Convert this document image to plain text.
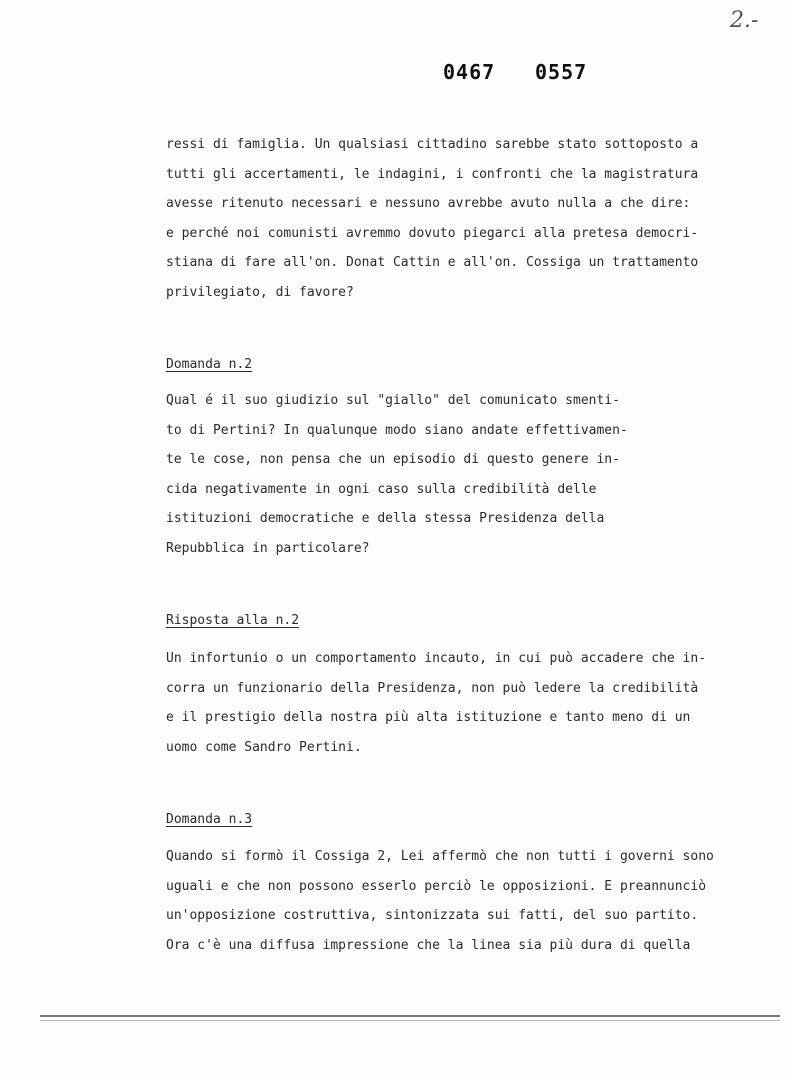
2.-
0467 0557
ressi di famiglia. Un qualsiasi cittadino sarebbe stato sottoposto a
tutti gli accertamenti, le indagini, i confronti che la magistratura
avesse ritenuto necessari e nessuno avrebbe avuto nulla a che dire:
e perché noi comunisti avremmo dovuto piegarci alla pretesa democri-
stiana di fare all'on. Donat Cattin e all'on. Cossiga un trattamento
privilegiato, di favore?
Domanda n.2
Qual é il suo giudizio sul "giallo" del comunicato smenti-
to di Pertini? In qualunque modo siano andate effettivamen-
te le cose, non pensa che un episodio di questo genere in-
cida negativamente in ogni caso sulla credibilità delle
istituzioni democratiche e della stessa Presidenza della
Repubblica in particolare?
Risposta alla n.2
Un infortunio o un comportamento incauto, in cui può accadere che in-
corra un funzionario della Presidenza, non può ledere la credibilità
e il prestigio della nostra più alta istituzione e tanto meno di un
uomo come Sandro Pertini.
Domanda n.3
Quando si formò il Cossiga 2, Lei affermò che non tutti i governi sono
uguali e che non possono esserlo perciò le opposizioni. E preannunciò
un'opposizione costruttiva, sintonizzata sui fatti, del suo partito.
Ora c'è una diffusa impressione che la linea sia più dura di quella
